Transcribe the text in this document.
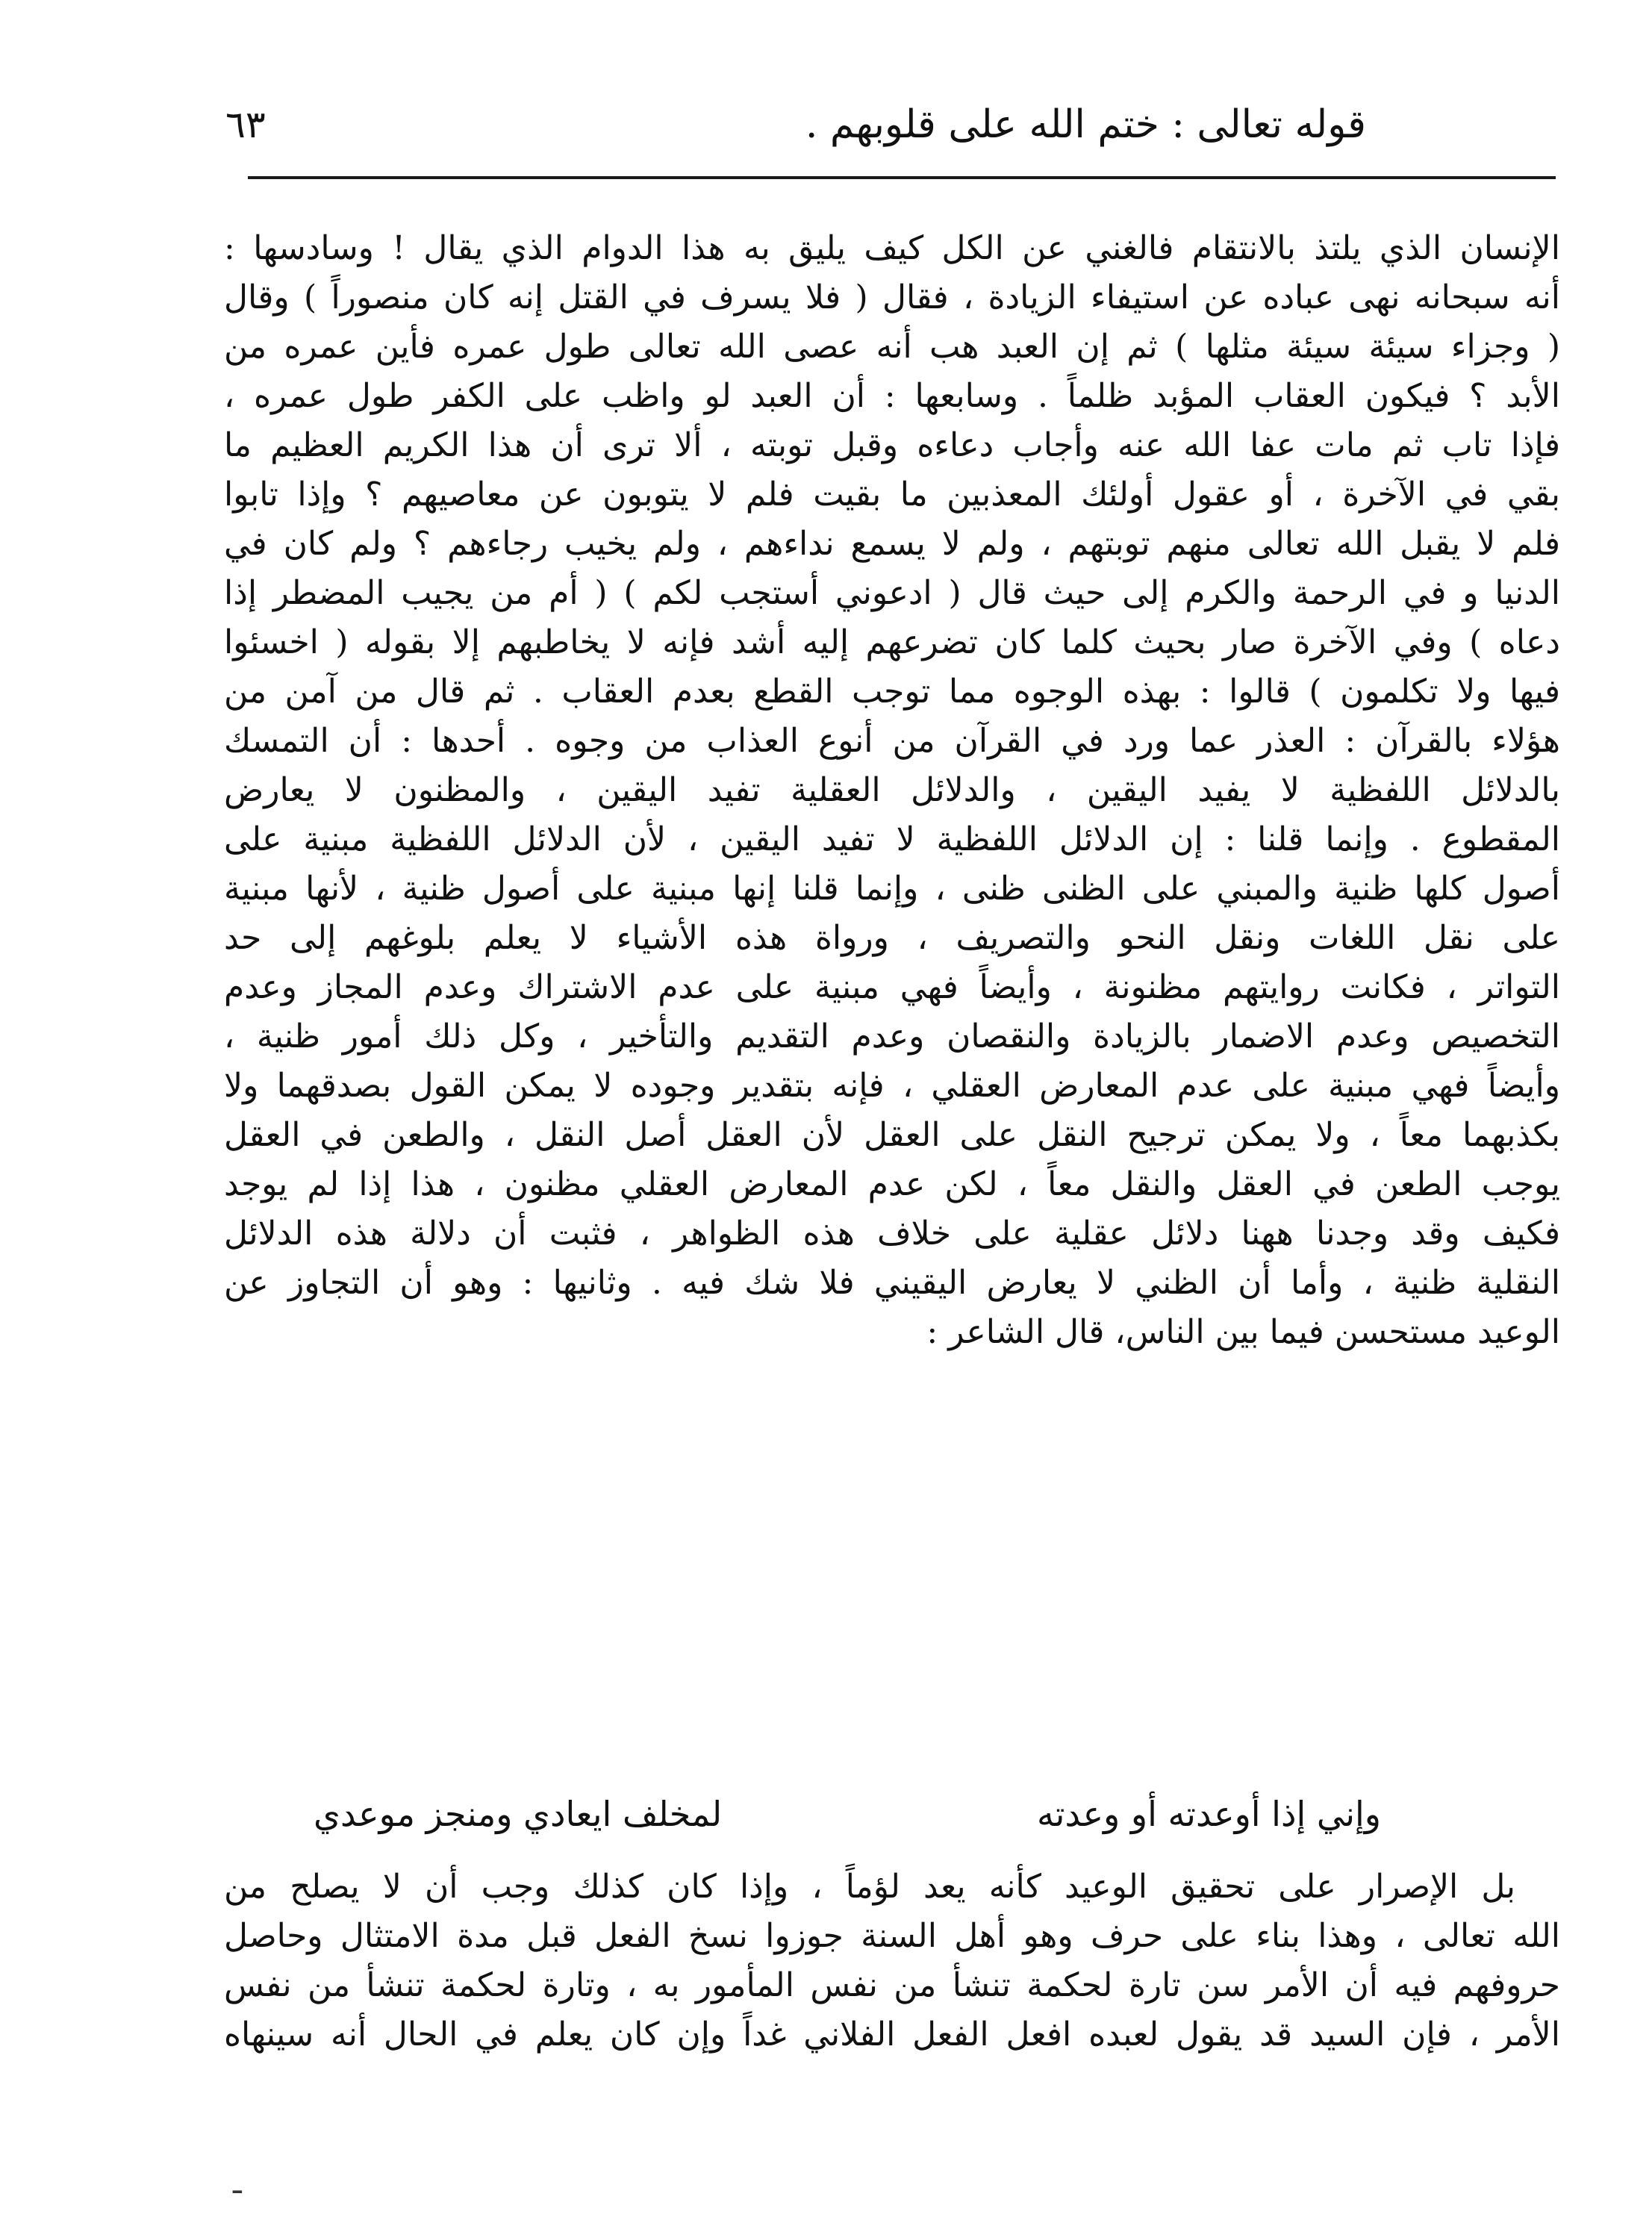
قوله تعالى : ختم الله على قلوبهم .
٦٣
الإنسان الذي يلتذ بالانتقام فالغني عن الكل كيف يليق به هذا الدوام الذي يقال ! وسادسها :
أنه سبحانه نهى عباده عن استيفاء الزيادة ، فقال ( فلا يسرف في القتل إنه كان منصوراً ) وقال
( وجزاء سيئة سيئة مثلها ) ثم إن العبد هب أنه عصى الله تعالى طول عمره فأين عمره من
الأبد ؟ فيكون العقاب المؤبد ظلماً . وسابعها : أن العبد لو واظب على الكفر طول عمره ،
فإذا تاب ثم مات عفا الله عنه وأجاب دعاءه وقبل توبته ، ألا ترى أن هذا الكريم العظيم ما
بقي في الآخرة ، أو عقول أولئك المعذبين ما بقيت فلم لا يتوبون عن معاصيهم ؟ وإذا تابوا
فلم لا يقبل الله تعالى منهم توبتهم ، ولم لا يسمع نداءهم ، ولم يخيب رجاءهم ؟ ولم كان في
الدنيا و في الرحمة والكرم إلى حيث قال ( ادعوني أستجب لكم ) ( أم من يجيب المضطر إذا
دعاه ) وفي الآخرة صار بحيث كلما كان تضرعهم إليه أشد فإنه لا يخاطبهم إلا بقوله ( اخسئوا
فيها ولا تكلمون ) قالوا : بهذه الوجوه مما توجب القطع بعدم العقاب . ثم قال من آمن من
هؤلاء بالقرآن : العذر عما ورد في القرآن من أنوع العذاب من وجوه . أحدها : أن التمسك
بالدلائل اللفظية لا يفيد اليقين ، والدلائل العقلية تفيد اليقين ، والمظنون لا يعارض
المقطوع . وإنما قلنا : إن الدلائل اللفظية لا تفيد اليقين ، لأن الدلائل اللفظية مبنية على
أصول كلها ظنية والمبني على الظنى ظنى ، وإنما قلنا إنها مبنية على أصول ظنية ، لأنها مبنية
على نقل اللغات ونقل النحو والتصريف ، ورواة هذه الأشياء لا يعلم بلوغهم إلى حد
التواتر ، فكانت روايتهم مظنونة ، وأيضاً فهي مبنية على عدم الاشتراك وعدم المجاز وعدم
التخصيص وعدم الاضمار بالزيادة والنقصان وعدم التقديم والتأخير ، وكل ذلك أمور ظنية ،
وأيضاً فهي مبنية على عدم المعارض العقلي ، فإنه بتقدير وجوده لا يمكن القول بصدقهما ولا
بكذبهما معاً ، ولا يمكن ترجيح النقل على العقل لأن العقل أصل النقل ، والطعن في العقل
يوجب الطعن في العقل والنقل معاً ، لكن عدم المعارض العقلي مظنون ، هذا إذا لم يوجد
فكيف وقد وجدنا ههنا دلائل عقلية على خلاف هذه الظواهر ، فثبت أن دلالة هذه الدلائل
النقلية ظنية ، وأما أن الظني لا يعارض اليقيني فلا شك فيه . وثانيها : وهو أن التجاوز عن
الوعيد مستحسن فيما بين الناس، قال الشاعر :
وإني إذا أوعدته أو وعدته
لمخلف ايعادي ومنجز موعدي
بل الإصرار على تحقيق الوعيد كأنه يعد لؤماً ، وإذا كان كذلك وجب أن لا يصلح من
الله تعالى ، وهذا بناء على حرف وهو أهل السنة جوزوا نسخ الفعل قبل مدة الامتثال وحاصل
حروفهم فيه أن الأمر سن تارة لحكمة تنشأ من نفس المأمور به ، وتارة لحكمة تنشأ من نفس
الأمر ، فإن السيد قد يقول لعبده افعل الفعل الفلاني غداً وإن كان يعلم في الحال أنه سينهاه
ـ
